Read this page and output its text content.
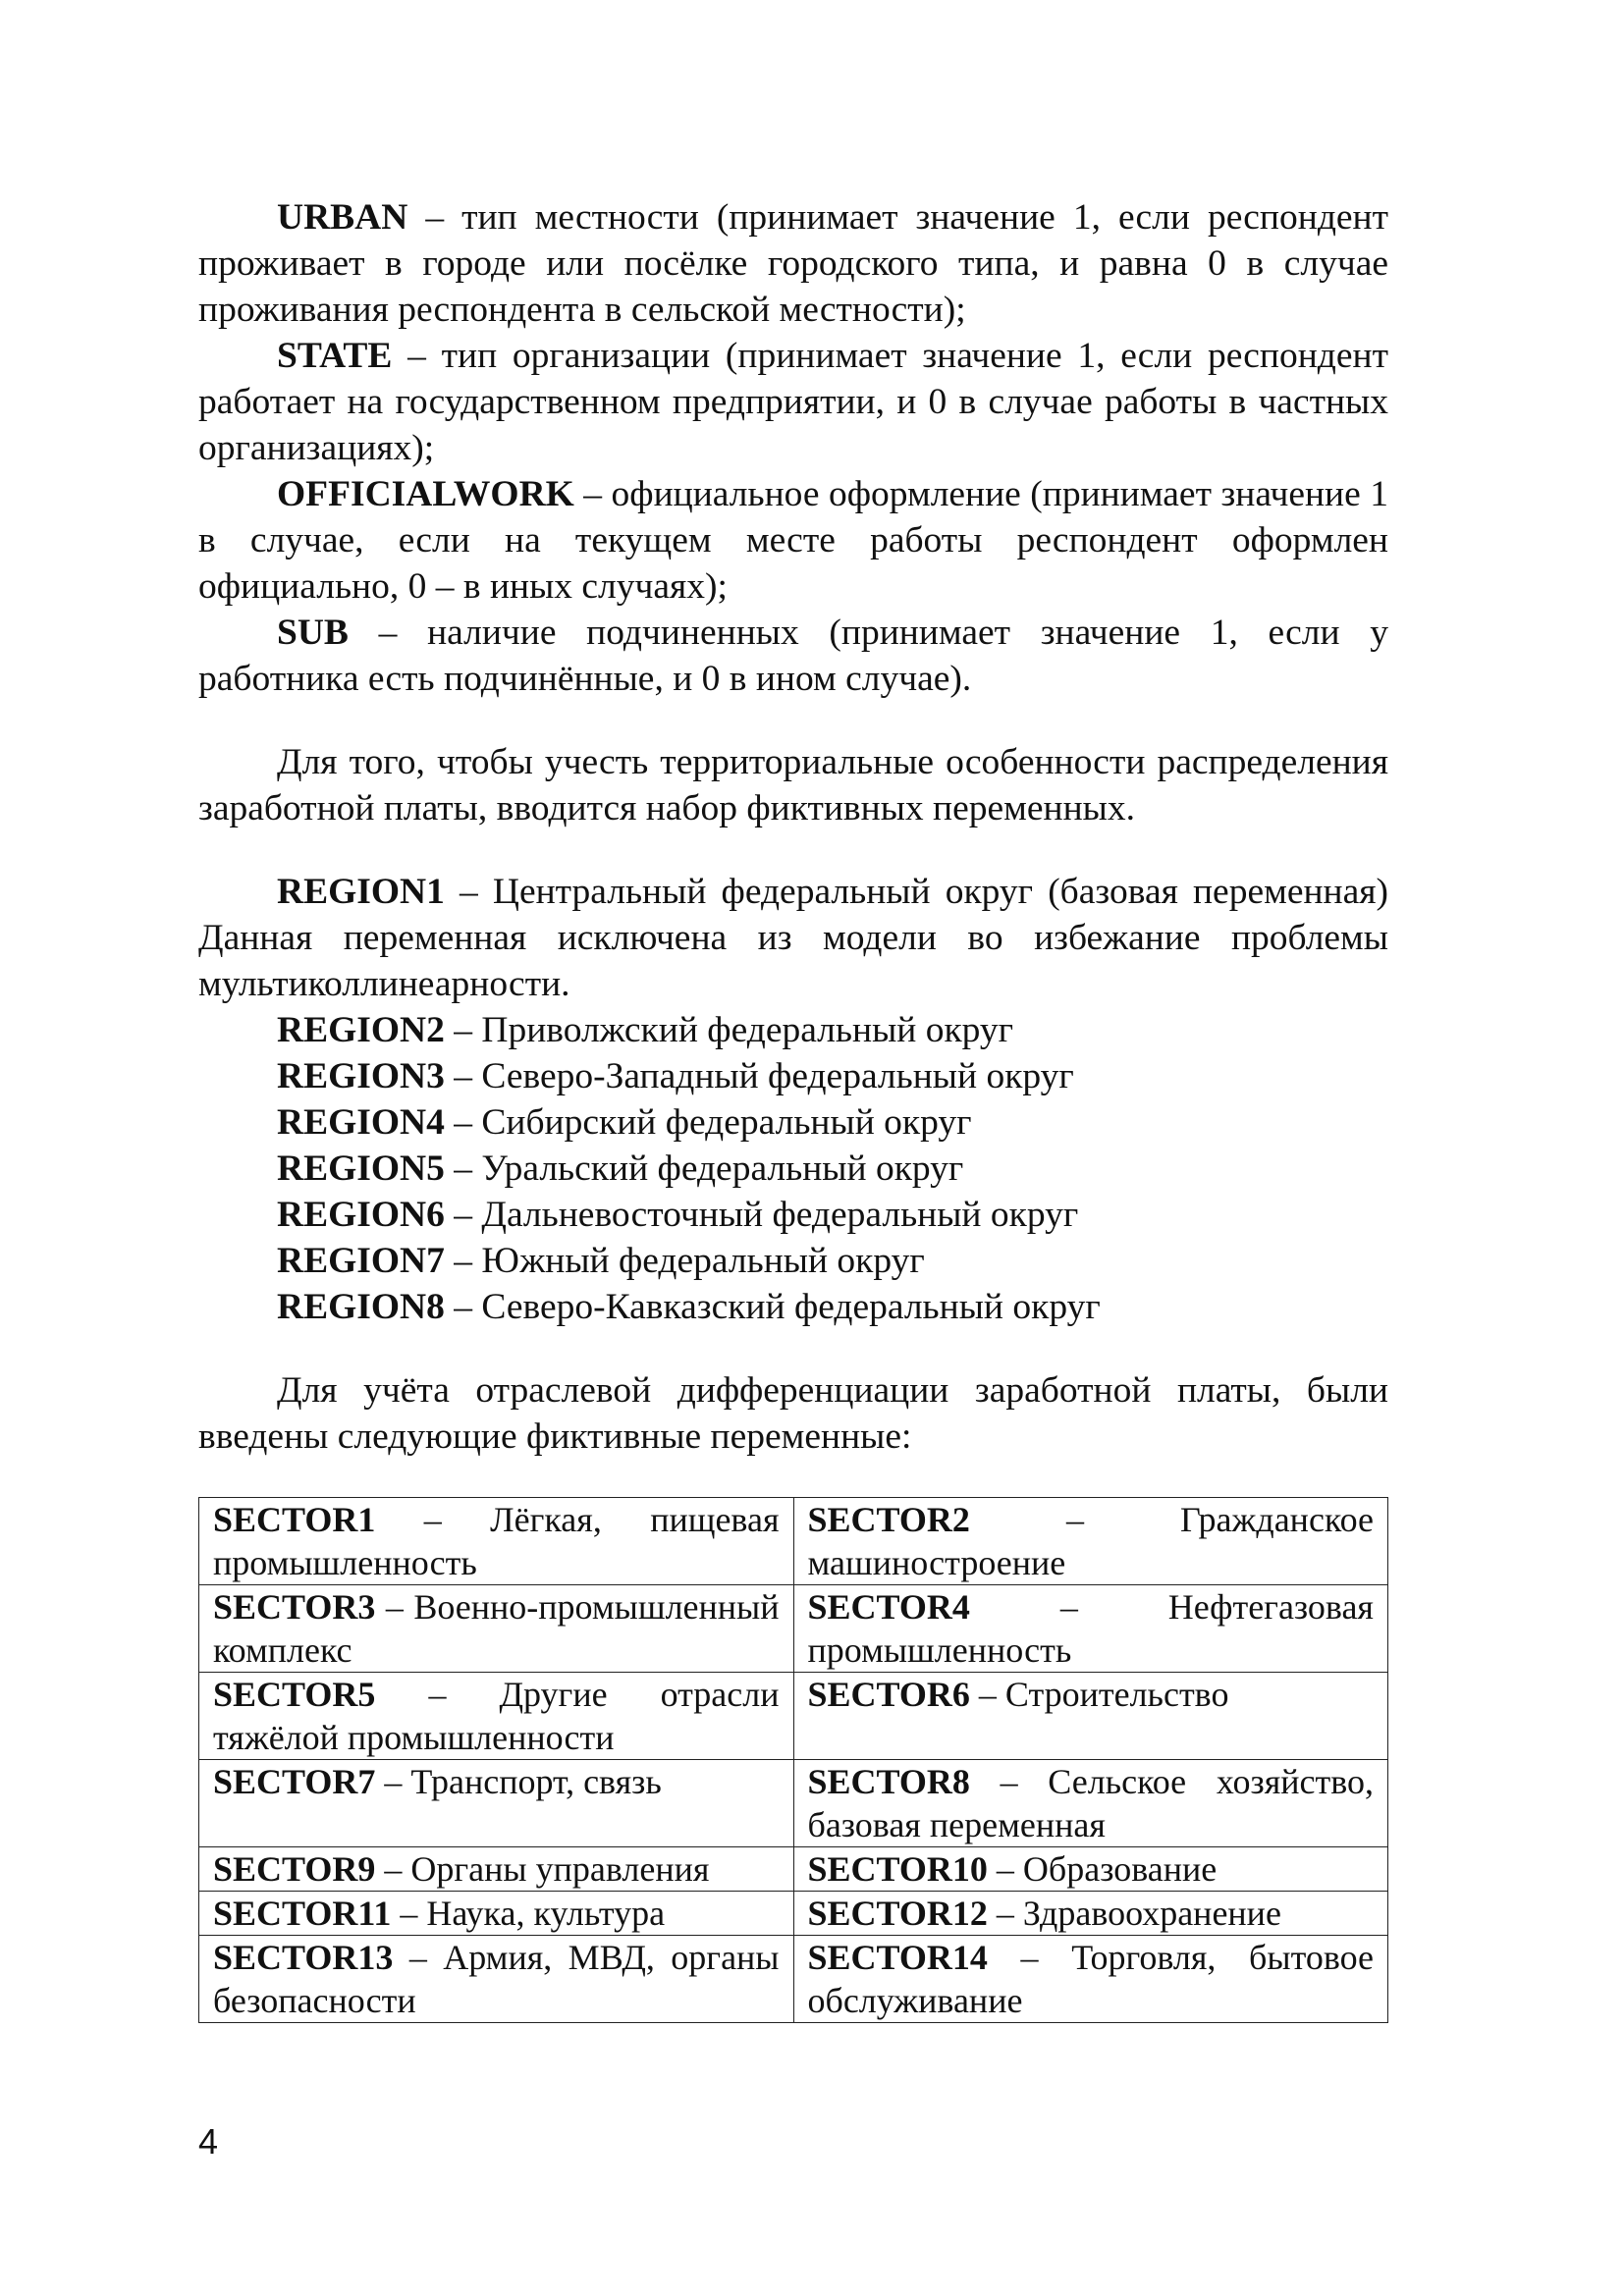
URBAN – тип местности (принимает значение 1, если респондент проживает в городе или посёлке городского типа, и равна 0 в случае проживания респондента в сельской местности);

STATE – тип организации (принимает значение 1, если респондент работает на государственном предприятии, и 0 в случае работы в частных организациях);

OFFICIALWORK – официальное оформление (принимает значение 1 в случае, если на текущем месте работы респондент оформлен официально, 0 – в иных случаях);

SUB – наличие подчиненных (принимает значение 1, если у работника есть подчинённые, и 0 в ином случае).

Для того, чтобы учесть территориальные особенности распределения заработной платы, вводится набор фиктивных переменных.

REGION1 – Центральный федеральный округ (базовая переменная) Данная переменная исключена из модели во избежание проблемы мультиколлинеарности.

REGION2 – Приволжский федеральный округ
REGION3 – Северо-Западный федеральный округ
REGION4 – Сибирский федеральный округ
REGION5 – Уральский федеральный округ
REGION6 – Дальневосточный федеральный округ
REGION7 – Южный федеральный округ
REGION8 – Северо-Кавказский федеральный округ

Для учёта отраслевой дифференциации заработной платы, были введены следующие фиктивные переменные:

SECTOR1 – Лёгкая, пищевая промышленность	SECTOR2 – Гражданское машиностроение
SECTOR3 – Военно-промышленный комплекс	SECTOR4 – Нефтегазовая промышленность
SECTOR5 – Другие отрасли тяжёлой промышленности	SECTOR6 – Строительство
SECTOR7 – Транспорт, связь	SECTOR8 – Сельское хозяйство, базовая переменная
SECTOR9 – Органы управления	SECTOR10 – Образование
SECTOR11 – Наука, культура	SECTOR12 – Здравоохранение
SECTOR13 – Армия, МВД, органы безопасности	SECTOR14 – Торговля, бытовое обслуживание
4
